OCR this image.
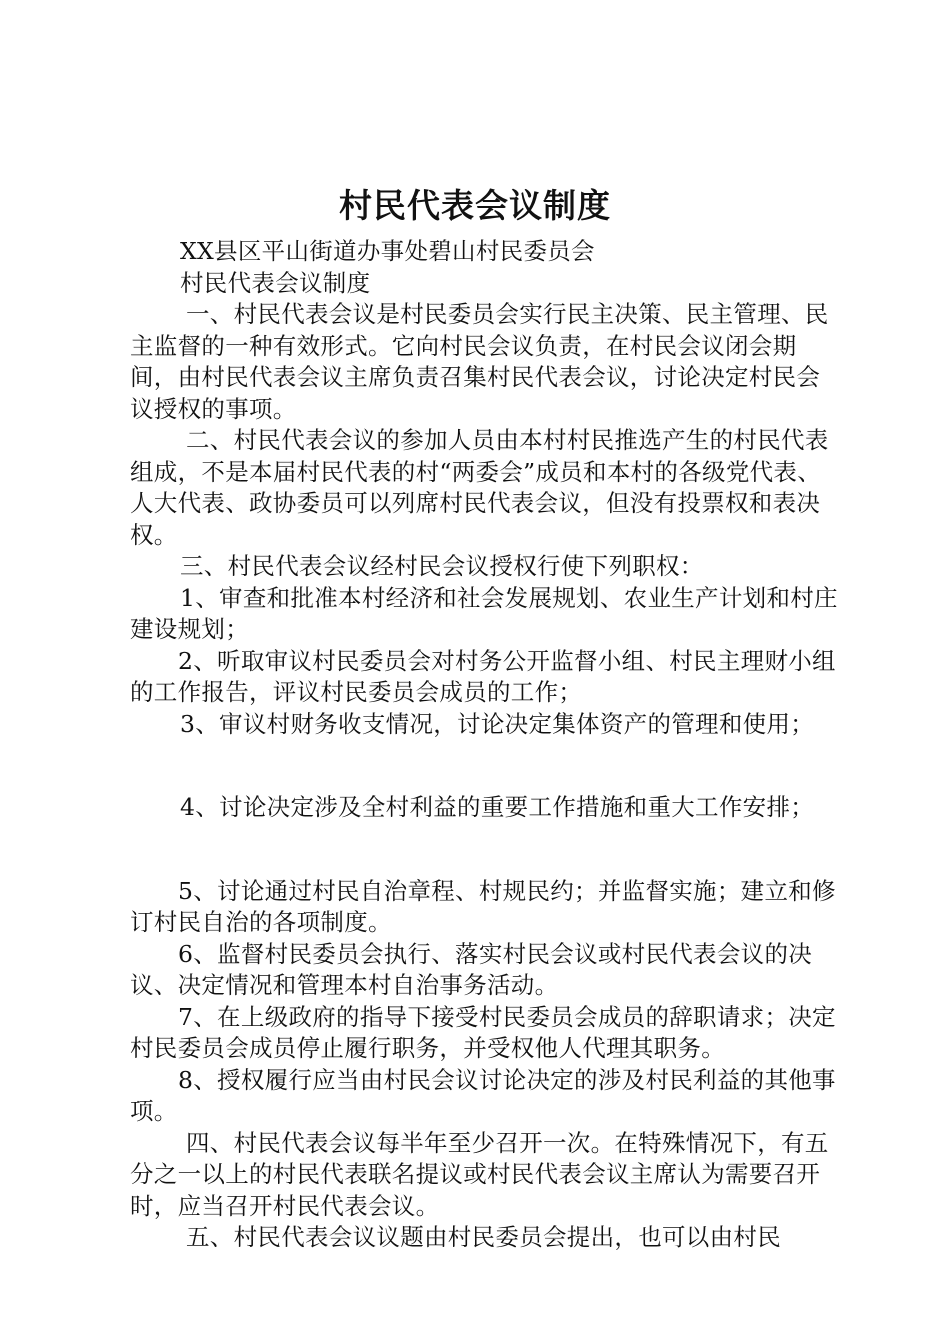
村民代表会议制度

XX县区平山街道办事处碧山村民委员会

村民代表会议制度

一、村民代表会议是村民委员会实行民主决策、民主管理、民主监督的一种有效形式。它向村民会议负责，在村民会议闭会期间，由村民代表会议主席负责召集村民代表会议，讨论决定村民会议授权的事项。

二、村民代表会议的参加人员由本村村民推选产生的村民代表组成，不是本届村民代表的村“两委会”成员和本村的各级党代表、人大代表、政协委员可以列席村民代表会议，但没有投票权和表决权。

三、村民代表会议经村民会议授权行使下列职权：

1、审查和批准本村经济和社会发展规划、农业生产计划和村庄建设规划；

2、听取审议村民委员会对村务公开监督小组、村民主理财小组的工作报告，评议村民委员会成员的工作；

3、审议村财务收支情况，讨论决定集体资产的管理和使用；

4、讨论决定涉及全村利益的重要工作措施和重大工作安排；

5、讨论通过村民自治章程、村规民约；并监督实施；建立和修订村民自治的各项制度。

6、监督村民委员会执行、落实村民会议或村民代表会议的决议、决定情况和管理本村自治事务活动。

7、在上级政府的指导下接受村民委员会成员的辞职请求；决定村民委员会成员停止履行职务，并受权他人代理其职务。

8、授权履行应当由村民会议讨论决定的涉及村民利益的其他事项。

四、村民代表会议每半年至少召开一次。在特殊情况下，有五分之一以上的村民代表联名提议或村民代表会议主席认为需要召开时，应当召开村民代表会议。

五、村民代表会议议题由村民委员会提出，也可以由村民
